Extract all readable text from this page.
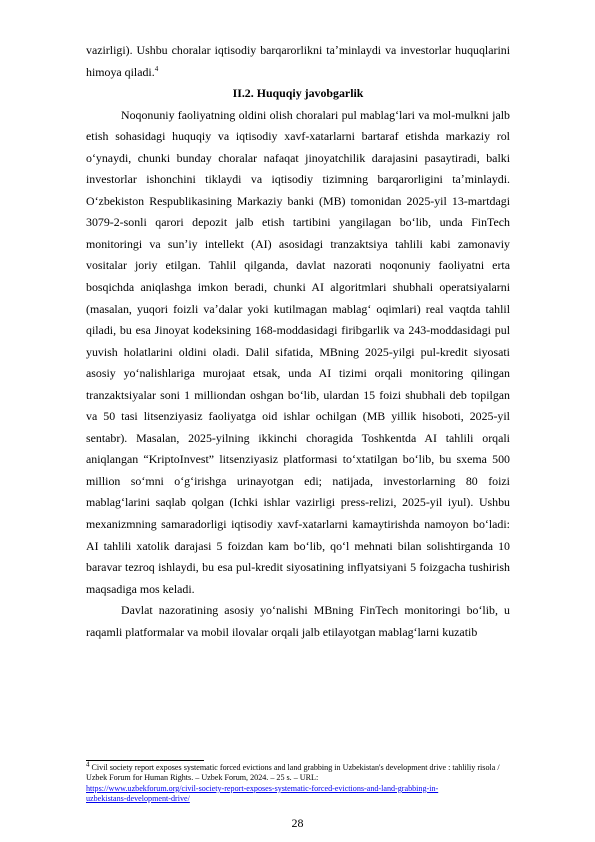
vazirligi). Ushbu choralar iqtisodiy barqarorlikni taʼminlaydi va investorlar huquqlarini himoya qiladi.$^4$

II.2. Huquqiy javobgarlik

Noqonuniy faoliyatning oldini olish choralari pul mablagʻlari va mol-mulkni jalb etish sohasidagi huquqiy va iqtisodiy xavf-xatarlarni bartaraf etishda markaziy rol oʻynaydi, chunki bunday choralar nafaqat jinoyatchilik darajasini pasaytiradi, balki investorlar ishonchini tiklaydi va iqtisodiy tizimning barqarorligini taʼminlaydi. Oʻzbekiston Respublikasining Markaziy banki (MB) tomonidan 2025-yil 13-martdagi 3079-2-sonli qarori depozit jalb etish tartibini yangilagan boʻlib, unda FinTech monitoringi va sunʼiy intellekt (AI) asosidagi tranzaktsiya tahlili kabi zamonaviy vositalar joriy etilgan. Tahlil qilganda, davlat nazorati noqonuniy faoliyatni erta bosqichda aniqlashga imkon beradi, chunki AI algoritmlari shubhali operatsiyalarni (masalan, yuqori foizli vaʼdalar yoki kutilmagan mablagʻ oqimlari) real vaqtda tahlil qiladi, bu esa Jinoyat kodeksining 168-moddasidagi firibgarlik va 243-moddasidagi pul yuvish holatlarini oldini oladi. Dalil sifatida, MBning 2025-yilgi pul-kredit siyosati asosiy yoʻnalishlariga murojaat etsak, unda AI tizimi orqali monitoring qilingan tranzaktsiyalar soni 1 milliondan oshgan boʻlib, ulardan 15 foizi shubhali deb topilgan va 50 tasi litsenziyasiz faoliyatga oid ishlar ochilgan (MB yillik hisoboti, 2025-yil sentabr). Masalan, 2025-yilning ikkinchi choragida Toshkentda AI tahlili orqali aniqlangan “KriptoInvest” litsenziyasiz platformasi toʻxtatilgan boʻlib, bu sxema 500 million soʻmni oʻgʻirishga urinayotgan edi; natijada, investorlarning 80 foizi mablagʻlarini saqlab qolgan (Ichki ishlar vazirligi press-relizi, 2025-yil iyul). Ushbu mexanizmning samaradorligi iqtisodiy xavf-xatarlarni kamaytirishda namoyon boʻladi: AI tahlili xatolik darajasi 5 foizdan kam boʻlib, qoʻl mehnati bilan solishtirganda 10 baravar tezroq ishlaydi, bu esa pul-kredit siyosatining inflyatsiyani 5 foizgacha tushirish maqsadiga mos keladi.

Davlat nazoratining asosiy yoʻnalishi MBning FinTech monitoringi boʻlib, u raqamli platformalar va mobil ilovalar orqali jalb etilayotgan mablagʻlarni kuzatib

4 Civil society report exposes systematic forced evictions and land grabbing in Uzbekistan's development drive : tahliliy risola / Uzbek Forum for Human Rights. – Uzbek Forum, 2024. – 25 s. – URL:
https://www.uzbekforum.org/civil-society-report-exposes-systematic-forced-evictions-and-land-grabbing-in-
uzbekistans-development-drive/
28
